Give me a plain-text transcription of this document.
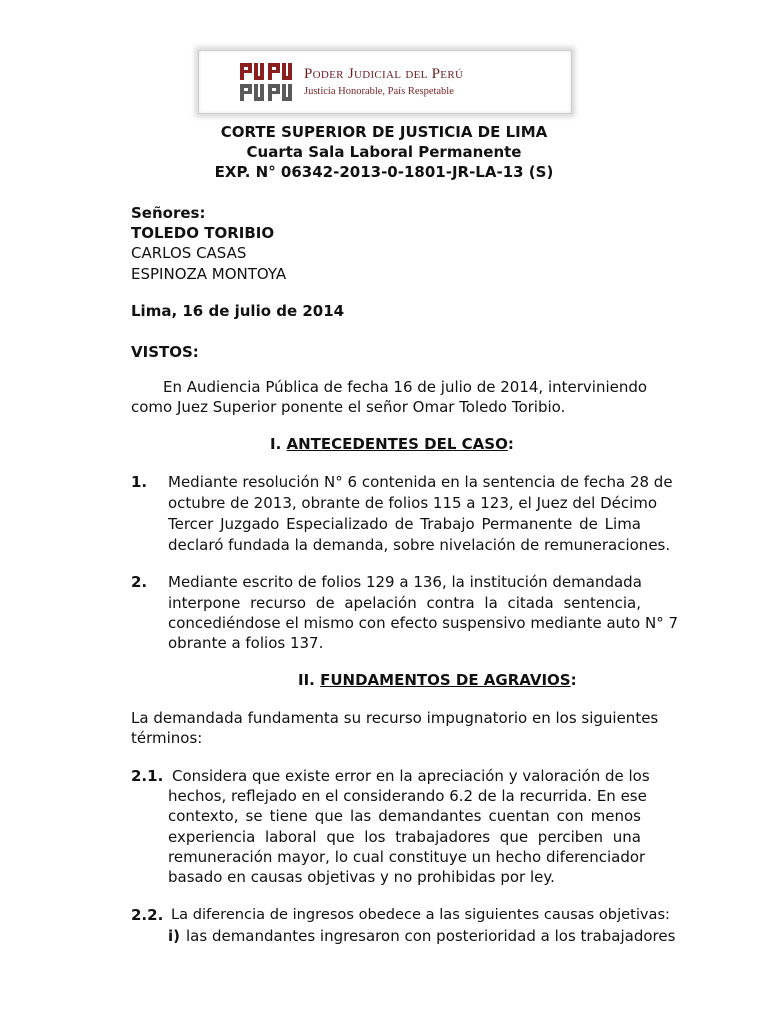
Poder Judicial del Perú
Justicia Honorable, País Respetable
CORTE SUPERIOR DE JUSTICIA DE LIMA
Cuarta Sala Laboral Permanente
EXP. N° 06342-2013-0-1801-JR-LA-13 (S)
Señores:
TOLEDO TORIBIO
CARLOS CASAS
ESPINOZA MONTOYA
Lima, 16 de julio de 2014
VISTOS:
En Audiencia Pública de fecha 16 de julio de 2014, interviniendo
como Juez Superior ponente el señor Omar Toledo Toribio.
I. ANTECEDENTES DEL CASO:
1. Mediante resolución N° 6 contenida en la sentencia de fecha 28 de
octubre de 2013, obrante de folios 115 a 123, el Juez del Décimo
Tercer Juzgado Especializado de Trabajo Permanente de Lima
declaró fundada la demanda, sobre nivelación de remuneraciones.
2. Mediante escrito de folios 129 a 136, la institución demandada
interpone recurso de apelación contra la citada sentencia,
concediéndose el mismo con efecto suspensivo mediante auto N° 7
obrante a folios 137.
II. FUNDAMENTOS DE AGRAVIOS:
La demandada fundamenta su recurso impugnatorio en los siguientes
términos:
2.1. Considera que existe error en la apreciación y valoración de los
hechos, reflejado en el considerando 6.2 de la recurrida. En ese
contexto, se tiene que las demandantes cuentan con menos
experiencia laboral que los trabajadores que perciben una
remuneración mayor, lo cual constituye un hecho diferenciador
basado en causas objetivas y no prohibidas por ley.
2.2. La diferencia de ingresos obedece a las siguientes causas objetivas:
i) las demandantes ingresaron con posterioridad a los trabajadores
